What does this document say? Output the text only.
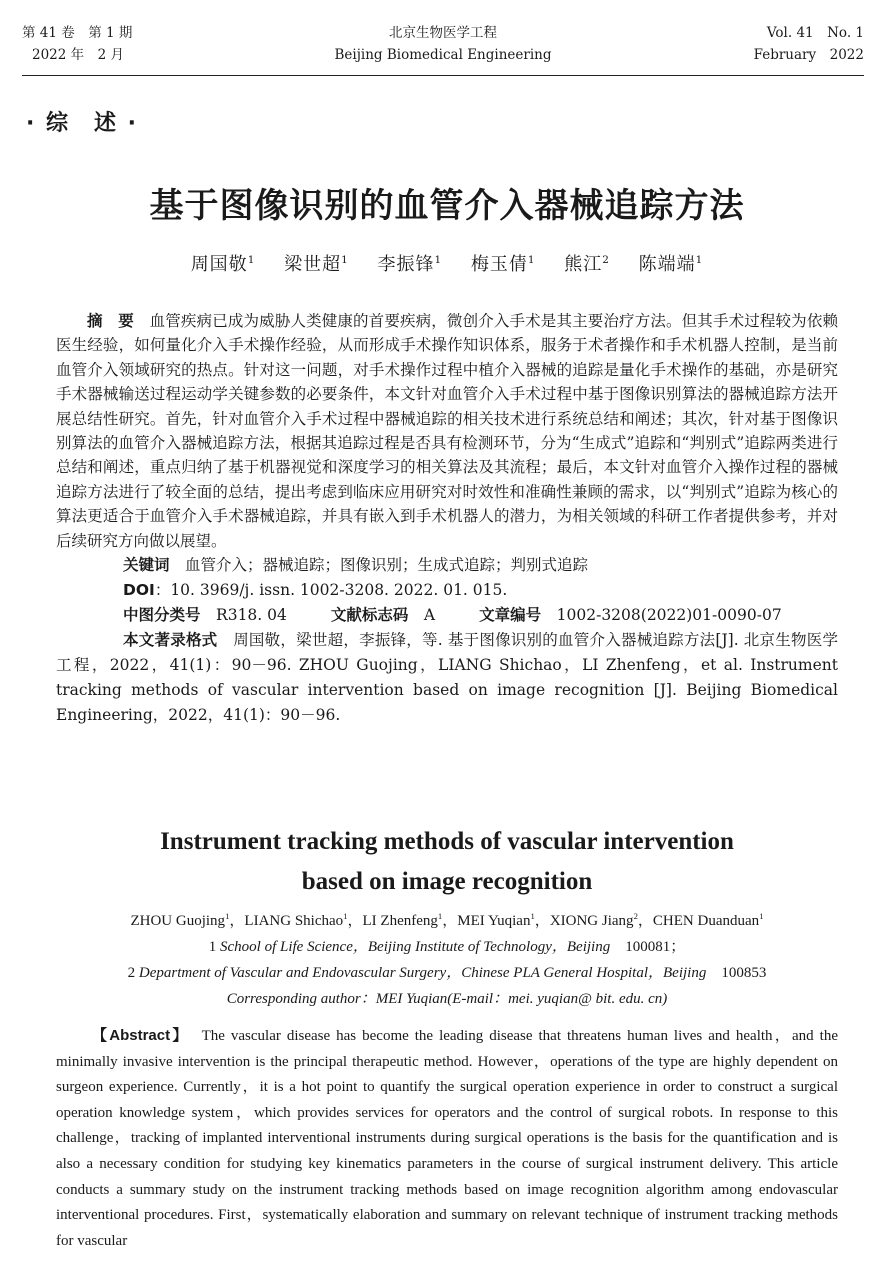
第 41 卷　第 1 期
2022 年　2 月
北京生物医学工程
Beijing Biomedical Engineering
Vol. 41　No. 1
February　2022
· 综　述 ·
基于图像识别的血管介入器械追踪方法
周国敬$^1$ 梁世超$^1$ 李振锋$^1$ 梅玉倩$^1$ 熊江$^2$ 陈端端$^1$

摘　要　 血管疾病已成为威胁人类健康的首要疾病，微创介入手术是其主要治疗方法。但其手术过程较为依赖医生经验，如何量化介入手术操作经验，从而形成手术操作知识体系，服务于术者操作和手术机器人控制，是当前血管介入领域研究的热点。针对这一问题，对手术操作过程中植介入器械的追踪是量化手术操作的基础，亦是研究手术器械输送过程运动学关键参数的必要条件，本文针对血管介入手术过程中基于图像识别算法的器械追踪方法开展总结性研究。首先，针对血管介入手术过程中器械追踪的相关技术进行系统总结和阐述；其次，针对基于图像识别算法的血管介入器械追踪方法，根据其追踪过程是否具有检测环节，分为“生成式”追踪和“判别式”追踪两类进行总结和阐述，重点归纳了基于机器视觉和深度学习的相关算法及其流程；最后，本文针对血管介入操作过程的器械追踪方法进行了较全面的总结，提出考虑到临床应用研究对时效性和准确性兼顾的需求，以“判别式”追踪为核心的算法更适合于血管介入手术器械追踪，并具有嵌入到手术机器人的潜力，为相关领域的科研工作者提供参考，并对后续研究方向做以展望。

关键词　 血管介入；器械追踪；图像识别；生成式追踪；判别式追踪

DOI：10. 3969/j. issn. 1002-3208. 2022. 01. 015.

中图分类号　 R318. 04	文献标志码　 A	文章编号　 1002-3208(2022)01-0090-07

本文著录格式　 周国敬，梁世超，李振锋，等. 基于图像识别的血管介入器械追踪方法[J]. 北京生物医学工程，2022，41(1)：90－96. ZHOU Guojing，LIANG Shichao，LI Zhenfeng，et al. Instrument tracking methods of vascular intervention based on image recognition [J]. Beijing Biomedical Engineering，2022，41(1)：90－96.

Instrument tracking methods of vascular intervention
based on image recognition
ZHOU Guojing$^1$，LIANG Shichao$^1$，LI Zhenfeng$^1$，MEI Yuqian$^1$，XIONG Jiang$^2$，CHEN Duanduan$^1$
1 School of Life Science，Beijing Institute of Technology，Beijing　 100081；
2 Department of Vascular and Endovascular Surgery，Chinese PLA General Hospital，Beijing　 100853
Corresponding author：MEI Yuqian(E-mail：mei. yuqian@ bit. edu. cn)
【Abstract】 The vascular disease has become the leading disease that threatens human lives and health，and the minimally invasive intervention is the principal therapeutic method. However，operations of the type are highly dependent on surgeon experience. Currently，it is a hot point to quantify the surgical operation experience in order to construct a surgical operation knowledge system，which provides services for operators and the control of surgical robots. In response to this challenge，tracking of implanted interventional instruments during surgical operations is the basis for the quantification and is also a necessary condition for studying key kinematics parameters in the course of surgical instrument delivery. This article conducts a summary study on the instrument tracking methods based on image recognition algorithm among endovascular interventional procedures. First，systematically elaboration and summary on relevant technique of instrument tracking methods for vascular
